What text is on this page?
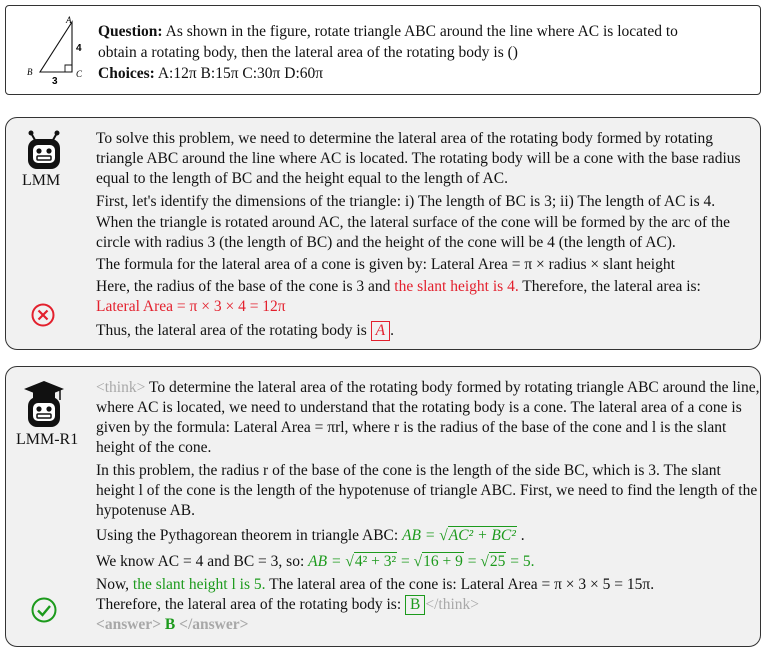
A
B	C
4
3
Question: As shown in the figure, rotate triangle ABC around the line where AC is located to
obtain a rotating body, then the lateral area of the rotating body is ()
Choices: A:12π B:15π C:30π D:60π
LMM

To solve this problem, we need to determine the lateral area of the rotating body formed by rotating triangle ABC around the line where AC is located. The rotating body will be a cone with the base radius equal to the length of BC and the height equal to the length of AC.

First, let's identify the dimensions of the triangle: i) The length of BC is 3; ii) The length of AC is 4.

When the triangle is rotated around AC, the lateral surface of the cone will be formed by the arc of the circle with radius 3 (the length of BC) and the height of the cone will be 4 (the length of AC).

The formula for the lateral area of a cone is given by: Lateral Area = π × radius × slant height

Here, the radius of the base of the cone is 3 and the slant height is 4. Therefore, the lateral area is:

Lateral Area = π × 3 × 4 = 12π

Thus, the lateral area of the rotating body is A .

LMM-R1

<think> To determine the lateral area of the rotating body formed by rotating triangle ABC around the line, where AC is located, we need to understand that the rotating body is a cone. The lateral area of a cone is given by the formula: Lateral Area = πrl, where r is the radius of the base of the cone and l is the slant height of the cone.

In this problem, the radius r of the base of the cone is the length of the side BC, which is 3. The slant height l of the cone is the length of the hypotenuse of triangle ABC. First, we need to find the length of the hypotenuse AB.

Using the Pythagorean theorem in triangle ABC: AB = √AC² + BC² .

We know AC = 4 and BC = 3, so: AB = √4² + 3² = √16 + 9 = √25 = 5.

Now, the slant height l is 5. The lateral area of the cone is: Lateral Area = π × 3 × 5 = 15π.

Therefore, the lateral area of the rotating body is: B </think>

<answer> B </answer>
